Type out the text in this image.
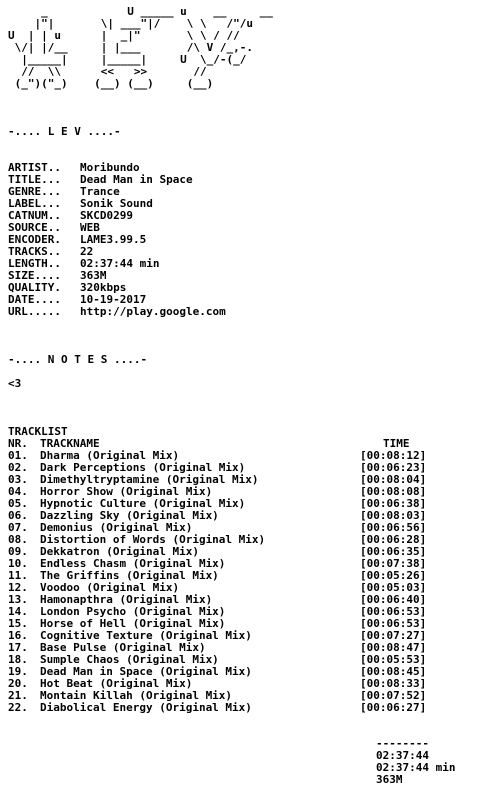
_            U _____ u    __     __
|"|       \| ___"|/    \ \   /"/u
U  | | u      |  _|"       \ \ / //
\/| |/__     | |___       /\ V /_,-.
|_____|     |_____|     U  \_/-(_/
//  \\      <<   >>       //
(_")("_)    (__) (__)     (__)
-.... L E V ....-
ARTIST..	Moribundo
TITLE...	Dead Man in Space
GENRE...	Trance
LABEL...	Sonik Sound
CATNUM..	SKCD0299
SOURCE..	WEB
ENCODER.	LAME3.99.5
TRACKS..	22
LENGTH..	02:37:44 min
SIZE....	363M
QUALITY.	320kbps
DATE....	10-19-2017
URL.....	http://play.google.com
-.... N O T E S ....-
<3
TRACKLIST
NR.	TRACKNAME	TIME
01.	Dharma (Original Mix)	[00:08:12]
02.	Dark Perceptions (Original Mix)	[00:06:23]
03.	Dimethyltryptamine (Original Mix)	[00:08:04]
04.	Horror Show (Original Mix)	[00:08:08]
05.	Hypnotic Culture (Original Mix)	[00:06:38]
06.	Dazzling Sky (Original Mix)	[00:08:03]
07.	Demonius (Original Mix)	[00:06:56]
08.	Distortion of Words (Original Mix)	[00:06:28]
09.	Dekkatron (Original Mix)	[00:06:35]
10.	Endless Chasm (Original Mix)	[00:07:38]
11.	The Griffins (Original Mix)	[00:05:26]
12.	Voodoo (Original Mix)	[00:05:03]
13.	Hamonapthra (Original Mix)	[00:06:40]
14.	London Psycho (Original Mix)	[00:06:53]
15.	Horse of Hell (Original Mix)	[00:06:53]
16.	Cognitive Texture (Original Mix)	[00:07:27]
17.	Base Pulse (Original Mix)	[00:08:47]
18.	Sumple Chaos (Original Mix)	[00:05:53]
19.	Dead Man in Space (Original Mix)	[00:08:45]
20.	Hot Beat (Original Mix)	[00:08:33]
21.	Montain Killah (Original Mix)	[00:07:52]
22.	Diabolical Energy (Original Mix)	[00:06:27]
--------
02:37:44
02:37:44 min
363M
